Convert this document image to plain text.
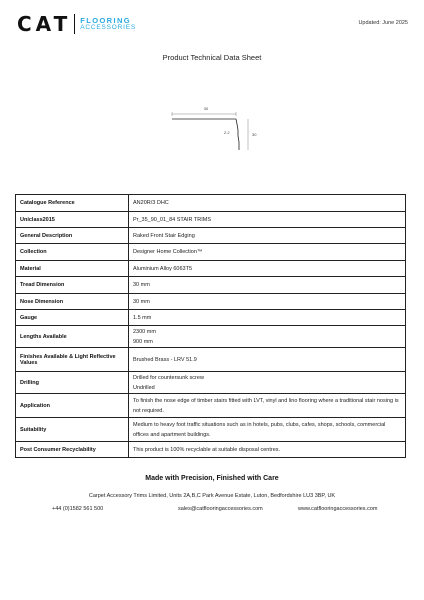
CAT FLOORING
ACCESSORIES
Updated: June 2025
Product Technical Data Sheet
30
30
2.2
Catalogue Reference	AN20R/3 DHC

Uniclass2015	Pr_35_90_01_84 STAIR TRIMS

General Description	Raked Front Stair Edging

Collection	Designer Home Collection™

Material	Aluminium Alloy 6063T5

Tread Dimension	30 mm

Nose Dimension	30 mm

Gauge	1.5 mm

Lengths Available	2300 mm
900 mm

Finishes Available & Light Reflective Values	Brushed Brass - LRV 51.9

Drilling	Drilled for countersunk screw
Undrilled

Application	To finish the nose edge of timber stairs fitted with LVT, vinyl and lino flooring where a traditional stair nosing is not required.

Suitability	Medium to heavy foot traffic situations such as in hotels, pubs, clubs, cafes, shops, schools, commercial offices and apartment buildings.

Post Consumer Recyclability	This product is 100% recyclable at suitable disposal centres.
Made with Precision, Finished with Care
Carpet Accessory Trims Limited, Units 2A,B,C Park Avenue Estate, Luton, Bedfordshire LU3 3BP, UK
+44 (0)1582 561 500	sales@catflooringaccessories.com	www.catflooringaccessories.com
